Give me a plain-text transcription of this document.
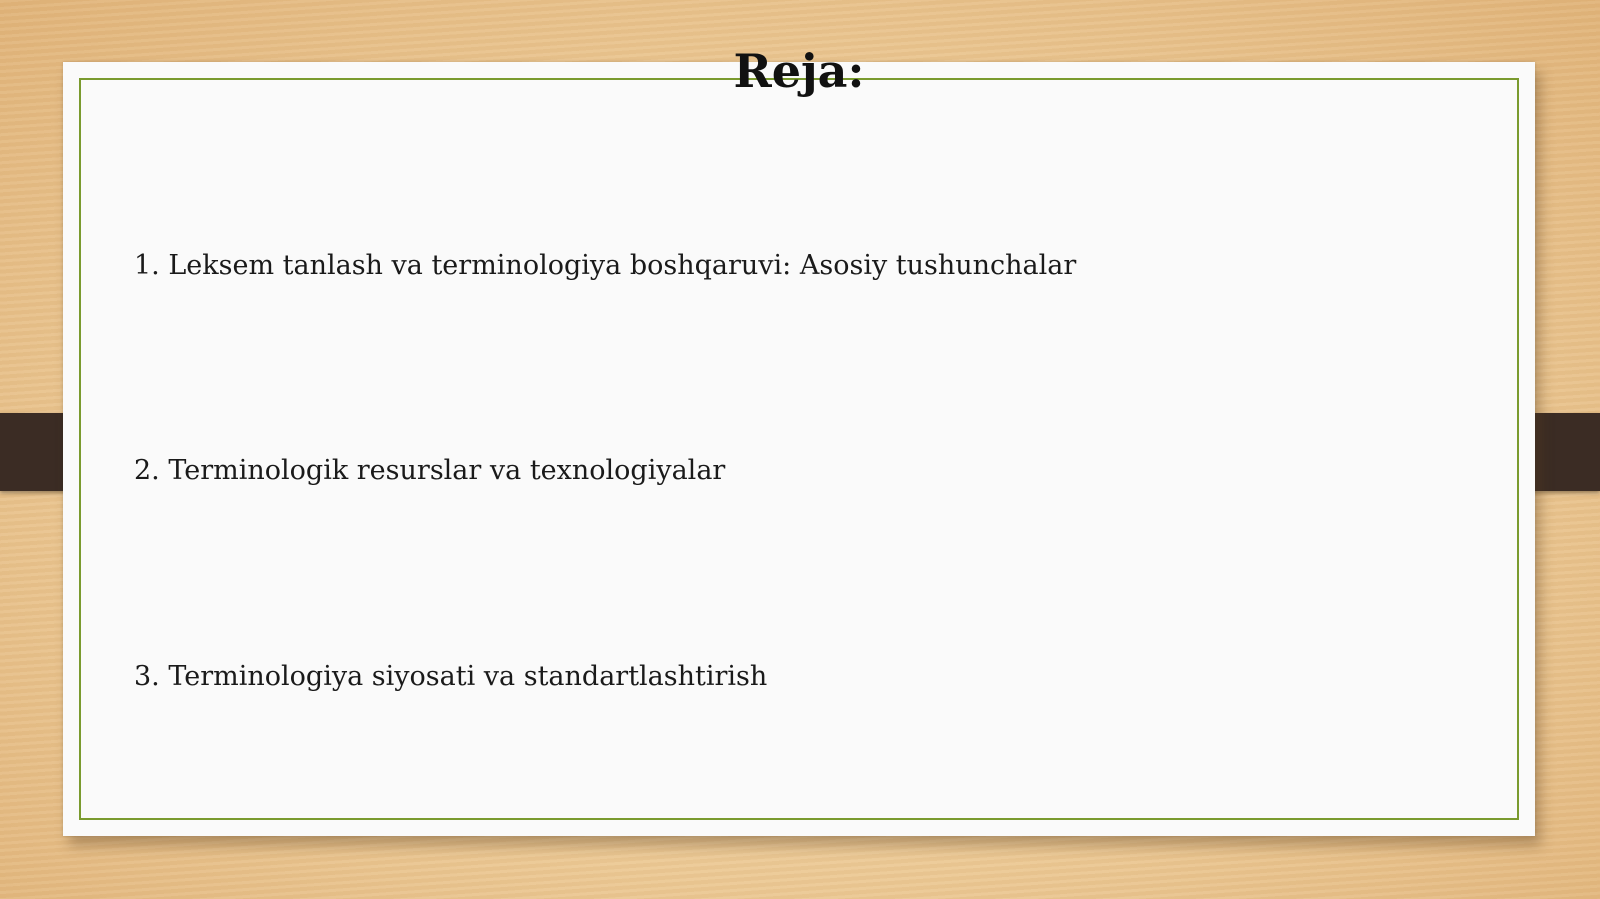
Reja:
1. Leksem tanlash va terminologiya boshqaruvi: Asosiy tushunchalar
2. Terminologik resurslar va texnologiyalar
3. Terminologiya siyosati va standartlashtirish
